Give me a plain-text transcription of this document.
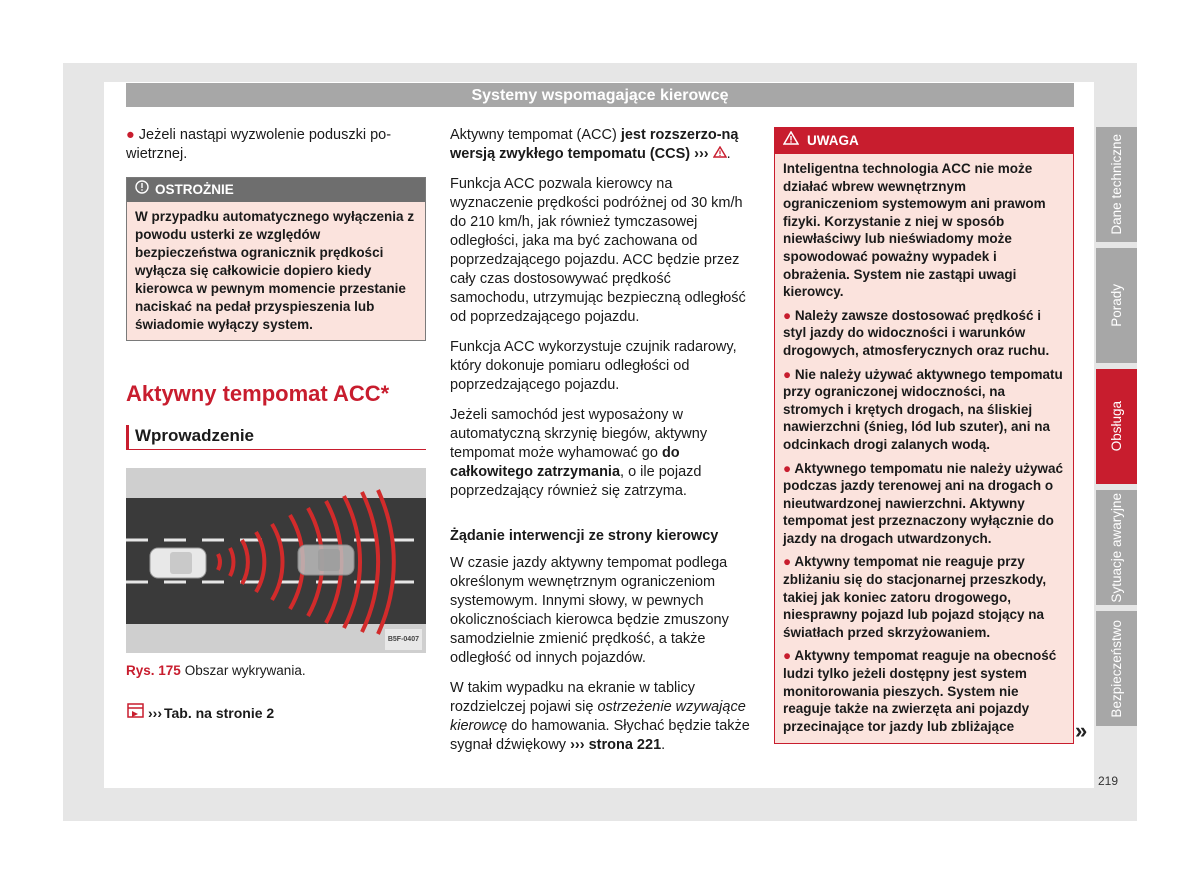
Systemy wspomagające kierowcę

● Jeżeli nastąpi wyzwolenie poduszki po-wietrznej.

OSTROŻNIE
W przypadku automatycznego wyłączenia z powodu usterki ze względów bezpieczeństwa ogranicznik prędkości wyłącza się całkowicie dopiero kiedy kierowca w pewnym momencie przestanie naciskać na pedał przyspieszenia lub świadomie wyłączy system.
Aktywny tempomat ACC*
Wprowadzenie
B5F-0407
Rys. 175 Obszar wykrywania.
››› Tab. na stronie 2

Aktywny tempomat (ACC) jest rozszerzo-ną wersją zwykłego tempomatu (CCS) ››› .

Funkcja ACC pozwala kierowcy na wyznaczenie prędkości podróżnej od 30 km/h do 210 km/h, jak również tymczasowej odległości, jaka ma być zachowana od poprzedzającego pojazdu. ACC będzie przez cały czas dostosowywać prędkość samochodu, utrzymując bezpieczną odległość od poprzedzającego pojazdu.

Funkcja ACC wykorzystuje czujnik radarowy, który dokonuje pomiaru odległości od poprzedzającego pojazdu.

Jeżeli samochód jest wyposażony w automatyczną skrzynię biegów, aktywny tempomat może wyhamować go do całkowitego zatrzymania, o ile pojazd poprzedzający również się zatrzyma.

Żądanie interwencji ze strony kierowcy

W czasie jazdy aktywny tempomat podlega określonym wewnętrznym ograniczeniom systemowym. Innymi słowy, w pewnych okolicznościach kierowca będzie zmuszony samodzielnie zmienić prędkość, a także odległość od innych pojazdów.

W takim wypadku na ekranie w tablicy rozdzielczej pojawi się ostrzeżenie wzywające kierowcę do hamowania. Słychać będzie także sygnał dźwiękowy ››› strona 221.

UWAGA

Inteligentna technologia ACC nie może działać wbrew wewnętrznym ograniczeniom systemowym ani prawom fizyki. Korzystanie z niej w sposób niewłaściwy lub nieświadomy może spowodować poważny wypadek i obrażenia. System nie zastąpi uwagi kierowcy.

● Należy zawsze dostosować prędkość i styl jazdy do widoczności i warunków drogowych, atmosferycznych oraz ruchu.

● Nie należy używać aktywnego tempomatu przy ograniczonej widoczności, na stromych i krętych drogach, na śliskiej nawierzchni (śnieg, lód lub szuter), ani na odcinkach drogi zalanych wodą.

● Aktywnego tempomatu nie należy używać podczas jazdy terenowej ani na drogach o nieutwardzonej nawierzchni. Aktywny tempomat jest przeznaczony wyłącznie do jazdy na drogach utwardzonych.

● Aktywny tempomat nie reaguje przy zbliżaniu się do stacjonarnej przeszkody, takiej jak koniec zatoru drogowego, niesprawny pojazd lub pojazd stojący na światłach przed skrzyżowaniem.

● Aktywny tempomat reaguje na obecność ludzi tylko jeżeli dostępny jest system monitorowania pieszych. System nie reaguje także na zwierzęta ani pojazdy przecinające tor jazdy lub zbliżające	»
Dane techniczne
Porady
Obsługa
Sytuacje awaryjne
Bezpieczeństwo
219
